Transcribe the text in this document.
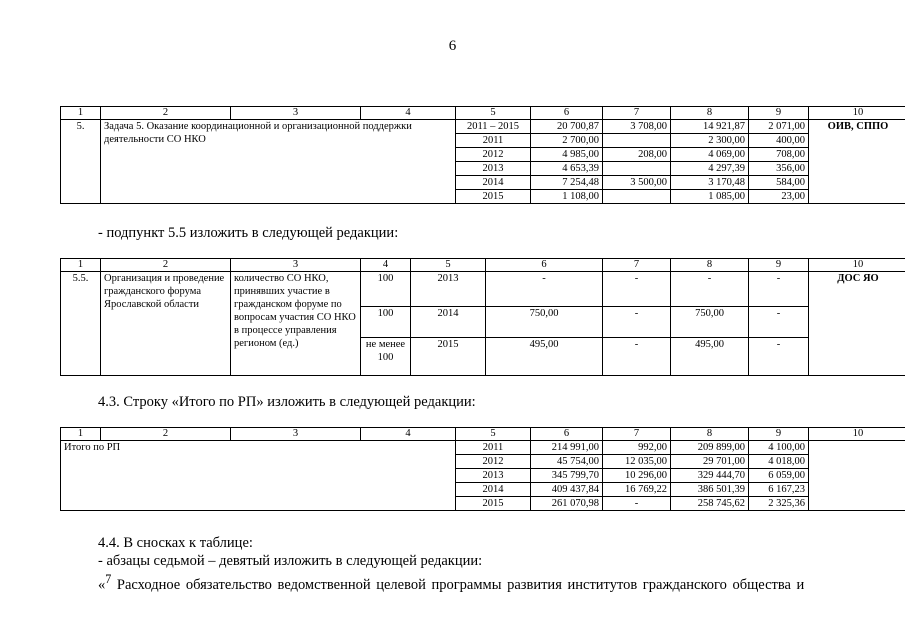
6
1	2	3	4	5	6	7	8	9	10
5.	Задача 5. Оказание координационной и организационной поддержки деятельности СО НКО			2011 – 2015	20 700,87	3 708,00	14 921,87	2 071,00	ОИВ, СППО
				2011	2 700,00		2 300,00	400,00	
				2012	4 985,00	208,00	4 069,00	708,00	
				2013	4 653,39		4 297,39	356,00	
				2014	7 254,48	3 500,00	3 170,48	584,00	
				2015	1 108,00		1 085,00	23,00	
- подпункт 5.5 изложить в следующей редакции:
1	2	3	4	5	6	7	8	9	10
5.5.	Организация и проведение гражданского форума Ярославской области	количество СО НКО, принявших участие в гражданском форуме по вопросам участия СО НКО в процессе управления регионом (ед.)	100	2013	-	-	-	-	ДОС ЯО
			100	2014	750,00	-	750,00	-	
			не менее 100	2015	495,00	-	495,00	-	
4.3. Строку «Итого по РП» изложить в следующей редакции:
1	2	3	4	5	6	7	8	9	10
Итого по РП				2011	214 991,00	992,00	209 899,00	4 100,00	
				2012	45 754,00	12 035,00	29 701,00	4 018,00	
				2013	345 799,70	10 296,00	329 444,70	6 059,00	
				2014	409 437,84	16 769,22	386 501,39	6 167,23	
				2015	261 070,98	-	258 745,62	2 325,36	
4.4. В сносках к таблице:
- абзацы седьмой – девятый изложить в следующей редакции:
«$^7$ Расходное обязательство ведомственной целевой программы развития институтов гражданского общества и
